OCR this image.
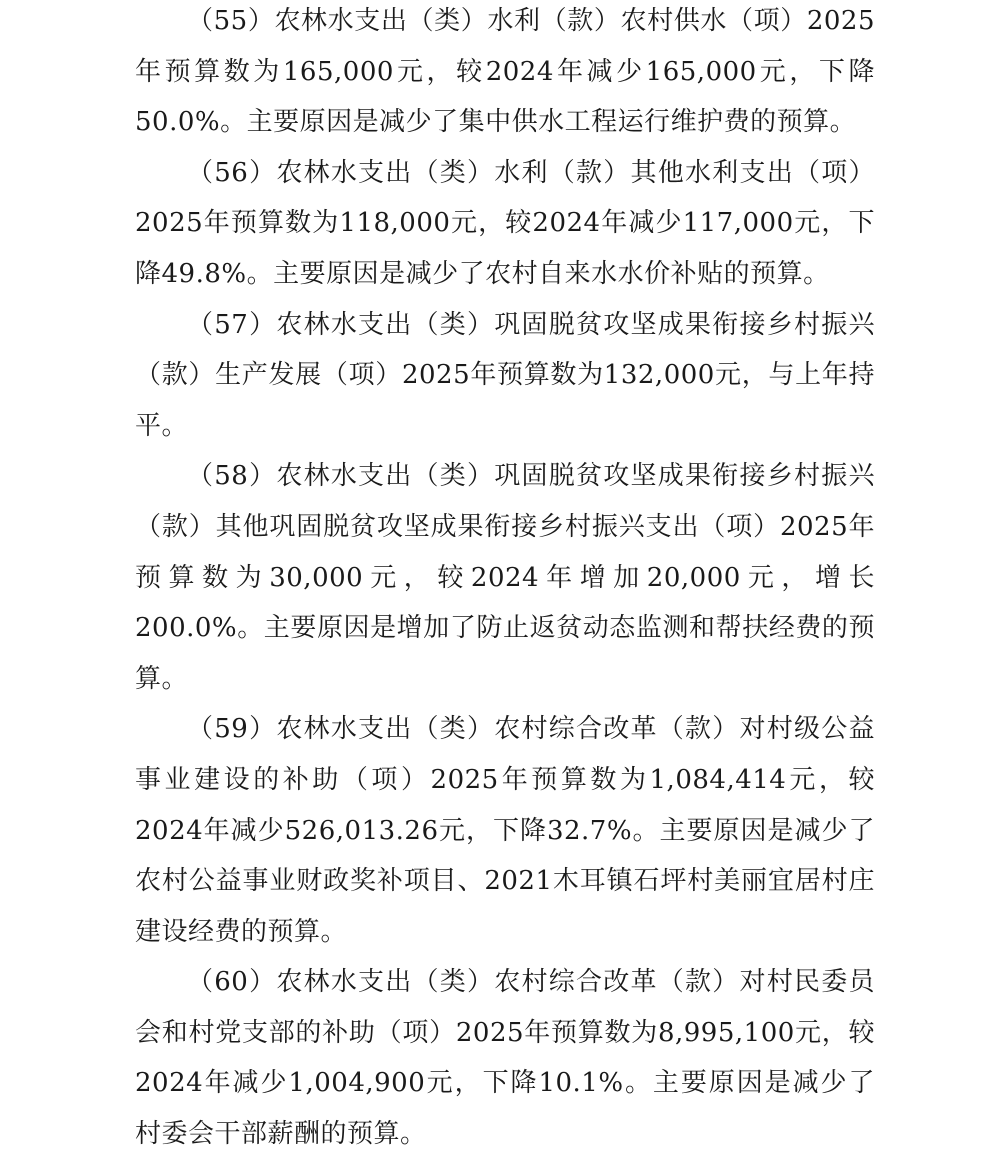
（55）农林水支出（类）水利（款）农村供水（项）2025年预算数为165,000元，较2024年减少165,000元，下降50.0%。主要原因是减少了集中供水工程运行维护费的预算。

（56）农林水支出（类）水利（款）其他水利支出（项）2025年预算数为118,000元，较2024年减少117,000元，下降49.8%。主要原因是减少了农村自来水水价补贴的预算。

（57）农林水支出（类）巩固脱贫攻坚成果衔接乡村振兴（款）生产发展（项）2025年预算数为132,000元，与上年持平。

（58）农林水支出（类）巩固脱贫攻坚成果衔接乡村振兴（款）其他巩固脱贫攻坚成果衔接乡村振兴支出（项）2025年预算数为30,000元，较2024年增加20,000元，增长200.0%。主要原因是增加了防止返贫动态监测和帮扶经费的预算。

（59）农林水支出（类）农村综合改革（款）对村级公益事业建设的补助（项）2025年预算数为1,084,414元，较2024年减少526,013.26元，下降32.7%。主要原因是减少了农村公益事业财政奖补项目、2021木耳镇石坪村美丽宜居村庄建设经费的预算。

（60）农林水支出（类）农村综合改革（款）对村民委员会和村党支部的补助（项）2025年预算数为8,995,100元，较2024年减少1,004,900元，下降10.1%。主要原因是减少了村委会干部薪酬的预算。
